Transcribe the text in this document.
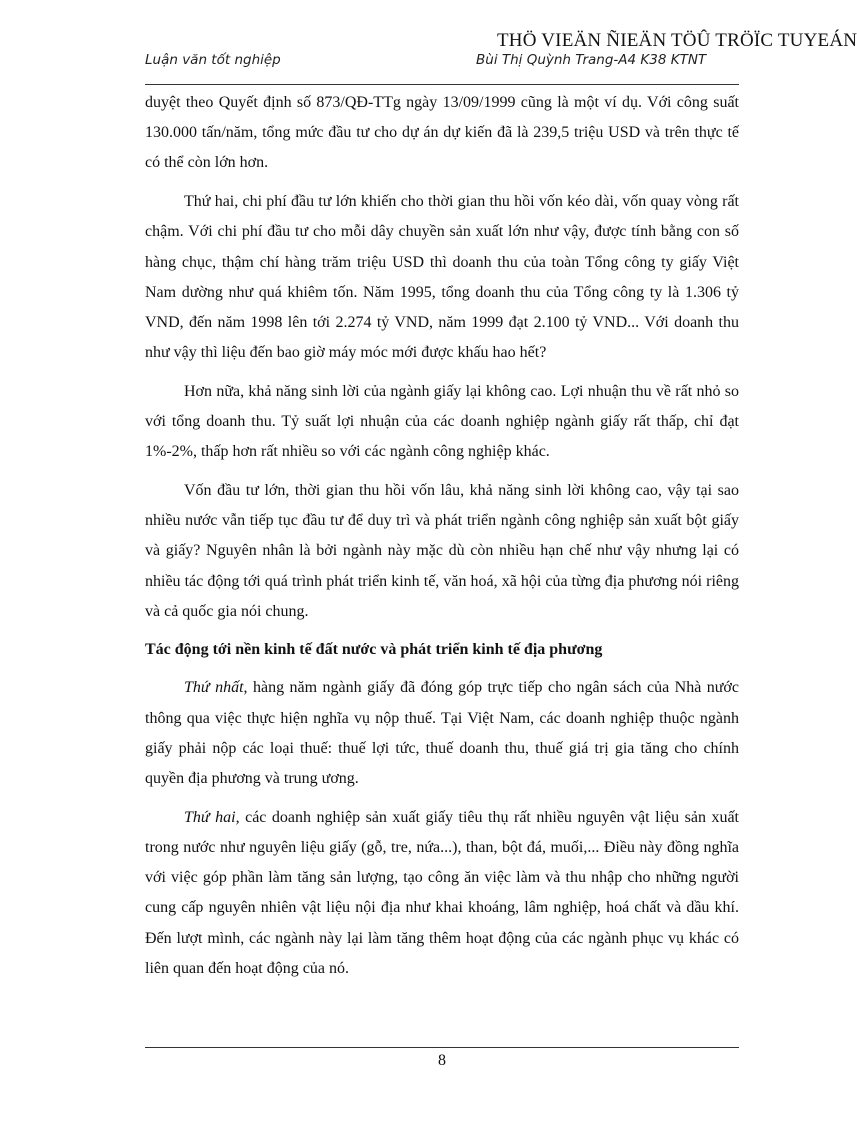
THÖ VIEÄN ÑIEÄN TÖÛ TRÖÏC TUYEÁN
Luận văn tốt nghiệp	Bùi Thị Quỳnh Trang-A4 K38 KTNT

duyệt theo Quyết định số 873/QĐ-TTg ngày 13/09/1999 cũng là một ví dụ. Với công suất 130.000 tấn/năm, tổng mức đầu tư cho dự án dự kiến đã là 239,5 triệu USD và trên thực tế có thể còn lớn hơn.

Thứ hai, chi phí đầu tư lớn khiến cho thời gian thu hồi vốn kéo dài, vốn quay vòng rất chậm. Với chi phí đầu tư cho mỗi dây chuyền sản xuất lớn như vậy, được tính bằng con số hàng chục, thậm chí hàng trăm triệu USD thì doanh thu của toàn Tổng công ty giấy Việt Nam dường như quá khiêm tốn. Năm 1995, tổng doanh thu của Tổng công ty là 1.306 tỷ VND, đến năm 1998 lên tới 2.274 tỷ VND, năm 1999 đạt 2.100 tỷ VND... Với doanh thu như vậy thì liệu đến bao giờ máy móc mới được khấu hao hết?

Hơn nữa, khả năng sinh lời của ngành giấy lại không cao. Lợi nhuận thu về rất nhỏ so với tổng doanh thu. Tỷ suất lợi nhuận của các doanh nghiệp ngành giấy rất thấp, chỉ đạt 1%-2%, thấp hơn rất nhiều so với các ngành công nghiệp khác.

Vốn đầu tư lớn, thời gian thu hồi vốn lâu, khả năng sinh lời không cao, vậy tại sao nhiều nước vẫn tiếp tục đầu tư để duy trì và phát triển ngành công nghiệp sản xuất bột giấy và giấy? Nguyên nhân là bởi ngành này mặc dù còn nhiều hạn chế như vậy nhưng lại có nhiều tác động tới quá trình phát triển kinh tế, văn hoá, xã hội của từng địa phương nói riêng và cả quốc gia nói chung.

Tác động tới nền kinh tế đất nước và phát triển kinh tế địa phương

Thứ nhất, hàng năm ngành giấy đã đóng góp trực tiếp cho ngân sách của Nhà nước thông qua việc thực hiện nghĩa vụ nộp thuế. Tại Việt Nam, các doanh nghiệp thuộc ngành giấy phải nộp các loại thuế: thuế lợi tức, thuế doanh thu, thuế giá trị gia tăng cho chính quyền địa phương và trung ương.

Thứ hai, các doanh nghiệp sản xuất giấy tiêu thụ rất nhiều nguyên vật liệu sản xuất trong nước như nguyên liệu giấy (gỗ, tre, nứa...), than, bột đá, muối,... Điều này đồng nghĩa với việc góp phần làm tăng sản lượng, tạo công ăn việc làm và thu nhập cho những người cung cấp nguyên nhiên vật liệu nội địa như khai khoáng, lâm nghiệp, hoá chất và dầu khí. Đến lượt mình, các ngành này lại làm tăng thêm hoạt động của các ngành phục vụ khác có liên quan đến hoạt động của nó.

8
